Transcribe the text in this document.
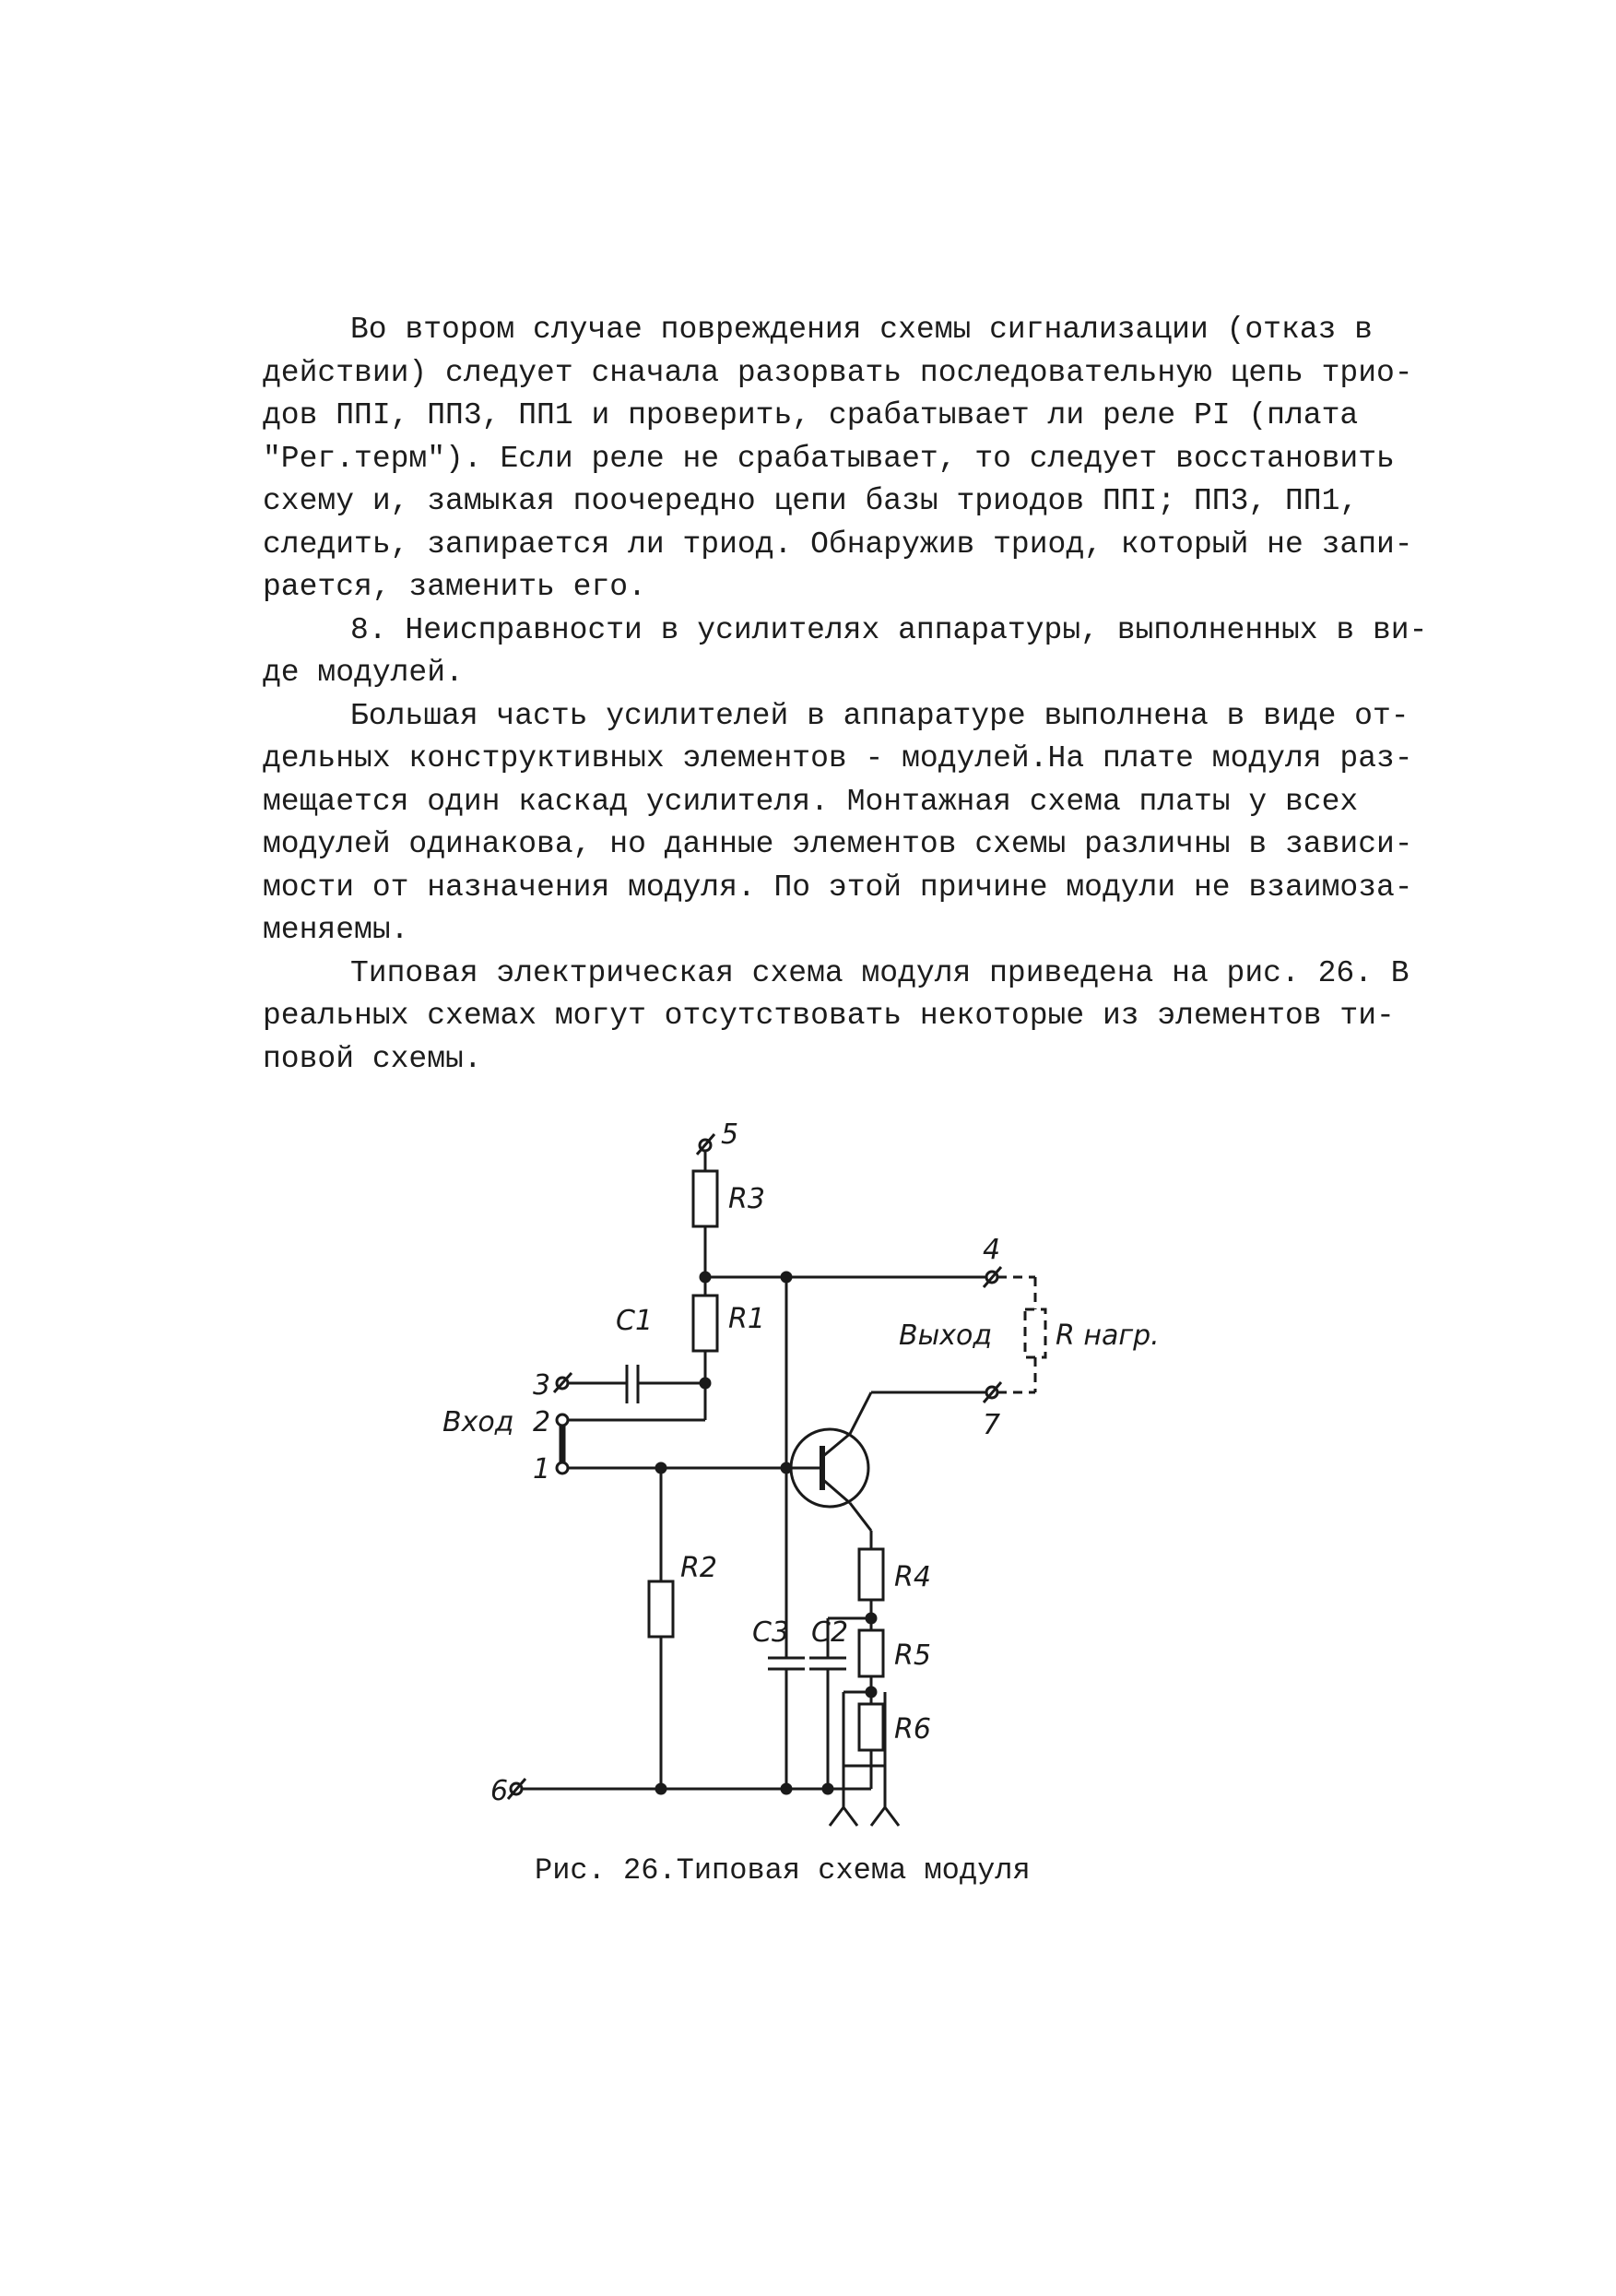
Во втором случае повреждения схемы сигнализации (отказ в
действии) следует сначала разорвать последовательную цепь трио-
дов ППI, ПП3, ПП1 и проверить, срабатывает ли реле РI (плата
"Рег.терм"). Если реле не срабатывает, то следует восстановить
схему и, замыкая поочередно цепи базы триодов ППI; ПП3, ПП1,
следить, запирается ли триод. Обнаружив триод, который не запи-
рается, заменить его.
8. Неисправности в усилителях аппаратуры, выполненных в ви-
де модулей.
Большая часть усилителей в аппаратуре выполнена в виде от-
дельных конструктивных элементов - модулей.На плате модуля раз-
мещается один каскад усилителя. Монтажная схема платы у всех
модулей одинакова, но данные элементов схемы различны в зависи-
мости от назначения модуля. По этой причине модули не взаимоза-
меняемы.
Типовая электрическая схема модуля приведена на рис. 26. В
реальных схемах могут отсутствовать некоторые из элементов ти-
повой схемы.
5
R3
4
R1
C1
3
Вход 2
1
Выход R нагр.
7
R2	R4
C3 C2
R5
R6
6
Рис. 26.Типовая схема модуля
